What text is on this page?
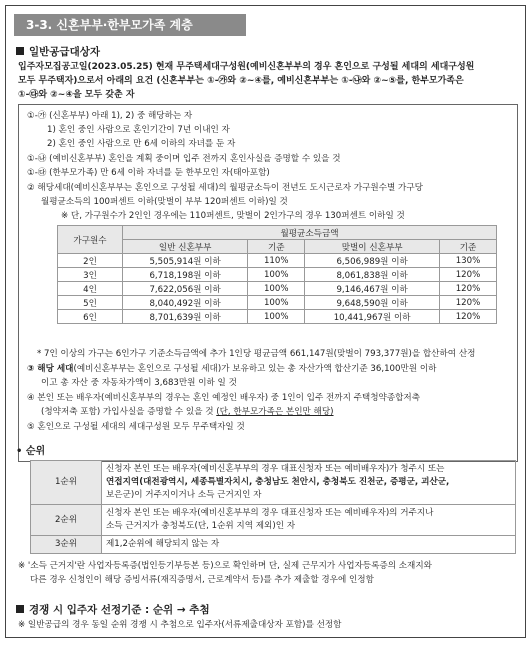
3-3. 신혼부부·한부모가족 계층
일반공급대상자
입주자모집공고일(2023.05.25) 현재 무주택세대구성원(예비신혼부부의 경우 혼인으로 구성될 세대의 세대구성원
모두 무주택자)으로서 아래의 요건 (신혼부부는 ①-㉮와 ②~④를, 예비신혼부부는 ①-㉯와 ②~⑤를, 한부모가족은
①-㉰와 ②~④을 모두 갖춘 자
①-㉮ (신혼부부) 아래 1), 2) 중 해당하는 자
1) 혼인 중인 사람으로 혼인기간이 7년 이내인 자
2) 혼인 중인 사람으로 만 6세 이하의 자녀를 둔 자
①-㉯ (예비신혼부부) 혼인을 계획 중이며 입주 전까지 혼인사실을 증명할 수 있을 것
①-㉰ (한부모가족) 만 6세 이하 자녀를 둔 한부모인 자(태아포함)
② 해당세대(예비신혼부부는 혼인으로 구성될 세대)의 월평균소득이 전년도 도시근로자 가구원수별 가구당
월평균소득의 100퍼센트 이하(맞벌이 부부 120퍼센트 이하)일 것
※ 단, 가구원수가 2인인 경우에는 110퍼센트, 맞벌이 2인가구의 경우 130퍼센트 이하일 것
가구원수	월평균소득금액			
	일반 신혼부부	기준	맞벌이 신혼부부	기준
2인	5,505,914원 이하	110%	6,506,989원 이하	130%
3인	6,718,198원 이하	100%	8,061,838원 이하	120%
4인	7,622,056원 이하	100%	9,146,467원 이하	120%
5인	8,040,492원 이하	100%	9,648,590원 이하	120%
6인	8,701,639원 이하	100%	10,441,967원 이하	120%
* 7인 이상의 가구는 6인가구 기준소득금액에 추가 1인당 평균금액 661,147원(맞벌이 793,377원)을 합산하여 산정
③ 해당 세대(예비신혼부부는 혼인으로 구성될 세대)가 보유하고 있는 총 자산가액 합산기준 36,100만원 이하
이고 총 자산 중 자동차가액이 3,683만원 이하 일 것
④ 본인 또는 배우자(예비신혼부부의 경우는 혼인 예정인 배우자) 중 1인이 입주 전까지 주택청약종합저축
(청약저축 포함) 가입사실을 증명할 수 있을 것 (단, 한부모가족은 본인만 해당)
⑤ 혼인으로 구성될 세대의 세대구성원 모두 무주택자일 것
• 순위
1순위	신청자 본인 또는 배우자(예비신혼부부의 경우 대표신청자 또는 예비배우자)가 청주시 또는
연접지역(대전광역시, 세종특별자치시, 충청남도 천안시, 충청북도 진천군, 증평군, 괴산군,
보은군)이 거주지이거나 소득 근거지인 자

2순위	신청자 본인 또는 배우자(예비신혼부부의 경우 대표신청자 또는 예비배우자)의 거주지나
소득 근거지가 충청북도(단, 1순위 지역 제외)인 자

3순위	제1,2순위에 해당되지 않는 자
※ '소득 근거지'란 사업자등록증(법인등기부등본 등)으로 확인하며 단, 실제 근무지가 사업자등록증의 소재지와
다른 경우 신청인이 해당 증빙서류(재직증명서, 근로계약서 등)를 추가 제출할 경우에 인정함
경쟁 시 입주자 선정기준 : 순위 → 추첨
※ 일반공급의 경우 동일 순위 경쟁 시 추첨으로 입주자(서류제출대상자 포함)를 선정함
